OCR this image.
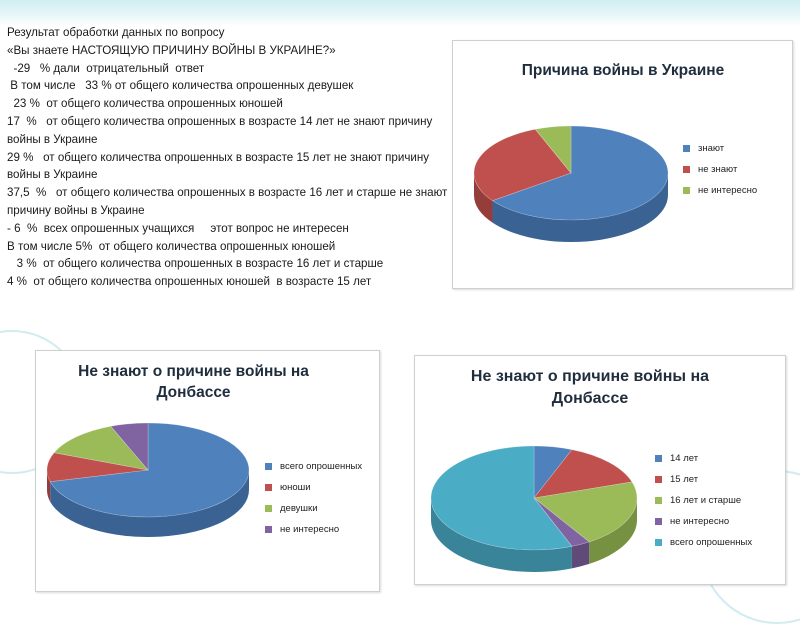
Результат обработки данных по вопросу
«Вы знаете НАСТОЯЩУЮ ПРИЧИНУ ВОЙНЫ В УКРАИНЕ?»
-29   % дали  отрицательный  ответ
В том числе   33 % от общего количества опрошенных девушек
23 %  от общего количества опрошенных юношей
17  %   от общего количества опрошенных в возрасте 14 лет не знают причину войны в Украине
29 %   от общего количества опрошенных в возрасте 15 лет не знают причину войны в Украине
37,5  %   от общего количества опрошенных в возрасте 16 лет и старше не знают причину войны в Украине
- 6  %  всех опрошенных учащихся     этот вопрос не интересен
В том числе 5%  от общего количества опрошенных юношей
3 %  от общего количества опрошенных в возрасте 16 лет и старше
4 %  от общего количества опрошенных юношей  в возрасте 15 лет
Причина войны в Украине
знают
не знают
не интересно
Не знают о причине войны на Донбассе
всего опрошенных
юноши
девушки
не интересно
Не знают о причине войны на Донбассе
14 лет
15 лет
16 лет и старше
не интересно
всего опрошенных
